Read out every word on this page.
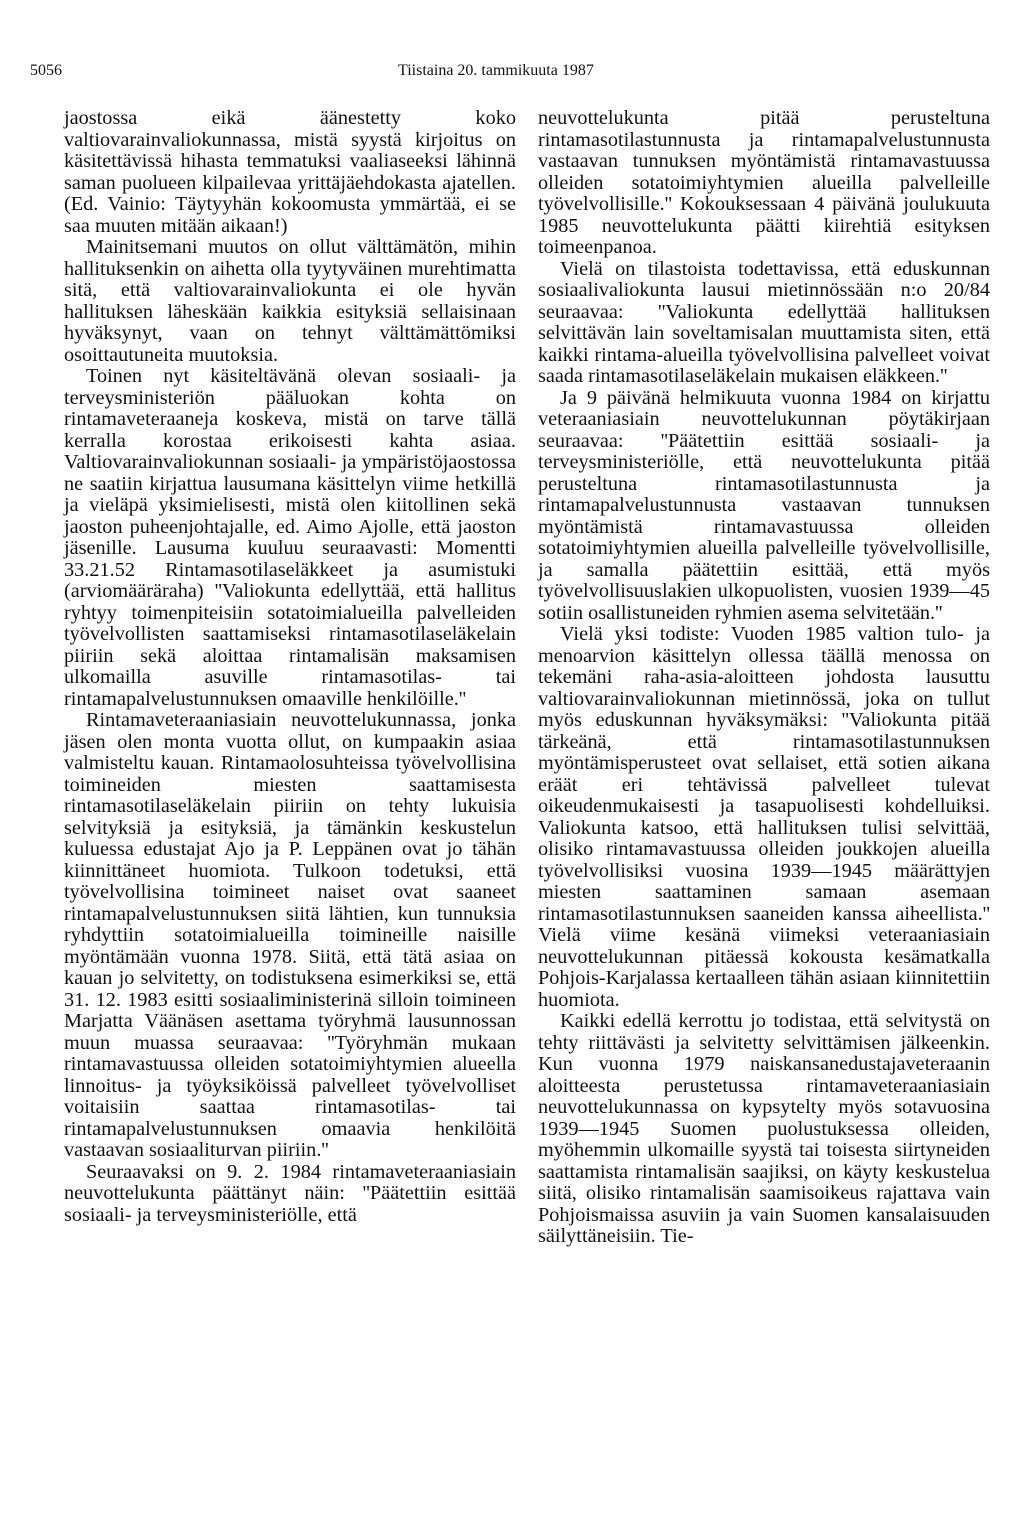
5056	Tiistaina 20. tammikuuta 1987

jaostossa eikä äänestetty koko valtiovarainvaliokunnassa, mistä syystä kirjoitus on käsitettävissä hihasta temmatuksi vaaliaseeksi lähinnä saman puolueen kilpailevaa yrittäjäehdokasta ajatellen. (Ed. Vainio: Täytyyhän kokoomusta ymmärtää, ei se saa muuten mitään aikaan!)

Mainitsemani muutos on ollut välttämätön, mihin hallituksenkin on aihetta olla tyytyväinen murehtimatta sitä, että valtiovarainvaliokunta ei ole hyvän hallituksen läheskään kaikkia esityksiä sellaisinaan hyväksynyt, vaan on tehnyt välttämättömiksi osoittautuneita muutoksia.

Toinen nyt käsiteltävänä olevan sosiaali- ja terveysministeriön pääluokan kohta on rintamaveteraaneja koskeva, mistä on tarve tällä kerralla korostaa erikoisesti kahta asiaa. Valtiovarainvaliokunnan sosiaali- ja ympäristöjaostossa ne saatiin kirjattua lausumana käsittelyn viime hetkillä ja vieläpä yksimielisesti, mistä olen kiitollinen sekä jaoston puheenjohtajalle, ed. Aimo Ajolle, että jaoston jäsenille. Lausuma kuuluu seuraavasti: Momentti 33.21.52 Rintamasotilaseläkkeet ja asumistuki (arviomääräraha) ''Valiokunta edellyttää, että hallitus ryhtyy toimenpiteisiin sotatoimialueilla palvelleiden työvelvollisten saattamiseksi rintamasotilaseläkelain piiriin sekä aloittaa rintamalisän maksamisen ulkomailla asuville rintamasotilas- tai rintamapalvelustunnuksen omaaville henkilöille.''

Rintamaveteraaniasiain neuvottelukunnassa, jonka jäsen olen monta vuotta ollut, on kumpaakin asiaa valmisteltu kauan. Rintamaolosuhteissa työvelvollisina toimineiden miesten saattamisesta rintamasotilaseläkelain piiriin on tehty lukuisia selvityksiä ja esityksiä, ja tämänkin keskustelun kuluessa edustajat Ajo ja P. Leppänen ovat jo tähän kiinnittäneet huomiota. Tulkoon todetuksi, että työvelvollisina toimineet naiset ovat saaneet rintamapalvelustunnuksen siitä lähtien, kun tunnuksia ryhdyttiin sotatoimialueilla toimineille naisille myöntämään vuonna 1978. Siitä, että tätä asiaa on kauan jo selvitetty, on todistuksena esimerkiksi se, että 31. 12. 1983 esitti sosiaaliministerinä silloin toimineen Marjatta Väänäsen asettama työryhmä lausunnossan muun muassa seuraavaa: ''Työryhmän mukaan rintamavastuussa olleiden sotatoimiyhtymien alueella linnoitus- ja työyksiköissä palvelleet työvelvolliset voitaisiin saattaa rintamasotilas- tai rintamapalvelustunnuksen omaavia henkilöitä vastaavan sosiaaliturvan piiriin.''

Seuraavaksi on 9. 2. 1984 rintamaveteraaniasiain neuvottelukunta päättänyt näin: ''Päätettiin esittää sosiaali- ja terveysministeriölle, että

neuvottelukunta pitää perusteltuna rintamasotilastunnusta ja rintamapalvelustunnusta vastaavan tunnuksen myöntämistä rintamavastuussa olleiden sotatoimiyhtymien alueilla palvelleille työvelvollisille.'' Kokouksessaan 4 päivänä joulukuuta 1985 neuvottelukunta päätti kiirehtiä esityksen toimeenpanoa.

Vielä on tilastoista todettavissa, että eduskunnan sosiaalivaliokunta lausui mietinnössään n:o 20/84 seuraavaa: ''Valiokunta edellyttää hallituksen selvittävän lain soveltamisalan muuttamista siten, että kaikki rintama-alueilla työvelvollisina palvelleet voivat saada rintamasotilaseläkelain mukaisen eläkkeen.''

Ja 9 päivänä helmikuuta vuonna 1984 on kirjattu veteraaniasiain neuvottelukunnan pöytäkirjaan seuraavaa: ''Päätettiin esittää sosiaali- ja terveysministeriölle, että neuvottelukunta pitää perusteltuna rintamasotilastunnusta ja rintamapalvelustunnusta vastaavan tunnuksen myöntämistä rintamavastuussa olleiden sotatoimiyhtymien alueilla palvelleille työvelvollisille, ja samalla päätettiin esittää, että myös työvelvollisuuslakien ulkopuolisten, vuosien 1939—45 sotiin osallistuneiden ryhmien asema selvitetään.''

Vielä yksi todiste: Vuoden 1985 valtion tulo- ja menoarvion käsittelyn ollessa täällä menossa on tekemäni raha-asia-aloitteen johdosta lausuttu valtiovarainvaliokunnan mietinnössä, joka on tullut myös eduskunnan hyväksymäksi: ''Valiokunta pitää tärkeänä, että rintamasotilastunnuksen myöntämisperusteet ovat sellaiset, että sotien aikana eräät eri tehtävissä palvelleet tulevat oikeudenmukaisesti ja tasapuolisesti kohdelluiksi. Valiokunta katsoo, että hallituksen tulisi selvittää, olisiko rintamavastuussa olleiden joukkojen alueilla työvelvollisiksi vuosina 1939—1945 määrättyjen miesten saattaminen samaan asemaan rintamasotilastunnuksen saaneiden kanssa aiheellista.'' Vielä viime kesänä viimeksi veteraaniasiain neuvottelukunnan pitäessä kokousta kesämatkalla Pohjois-Karjalassa kertaalleen tähän asiaan kiinnitettiin huomiota.

Kaikki edellä kerrottu jo todistaa, että selvitystä on tehty riittävästi ja selvitetty selvittämisen jälkeenkin. Kun vuonna 1979 naiskansanedustajaveteraanin aloitteesta perustetussa rintamaveteraaniasiain neuvottelukunnassa on kypsytelty myös sotavuosina 1939—1945 Suomen puolustuksessa olleiden, myöhemmin ulkomaille syystä tai toisesta siirtyneiden saattamista rintamalisän saajiksi, on käyty keskustelua siitä, olisiko rintamalisän saamisoikeus rajattava vain Pohjoismaissa asuviin ja vain Suomen kansalaisuuden säilyttäneisiin. Tie-
